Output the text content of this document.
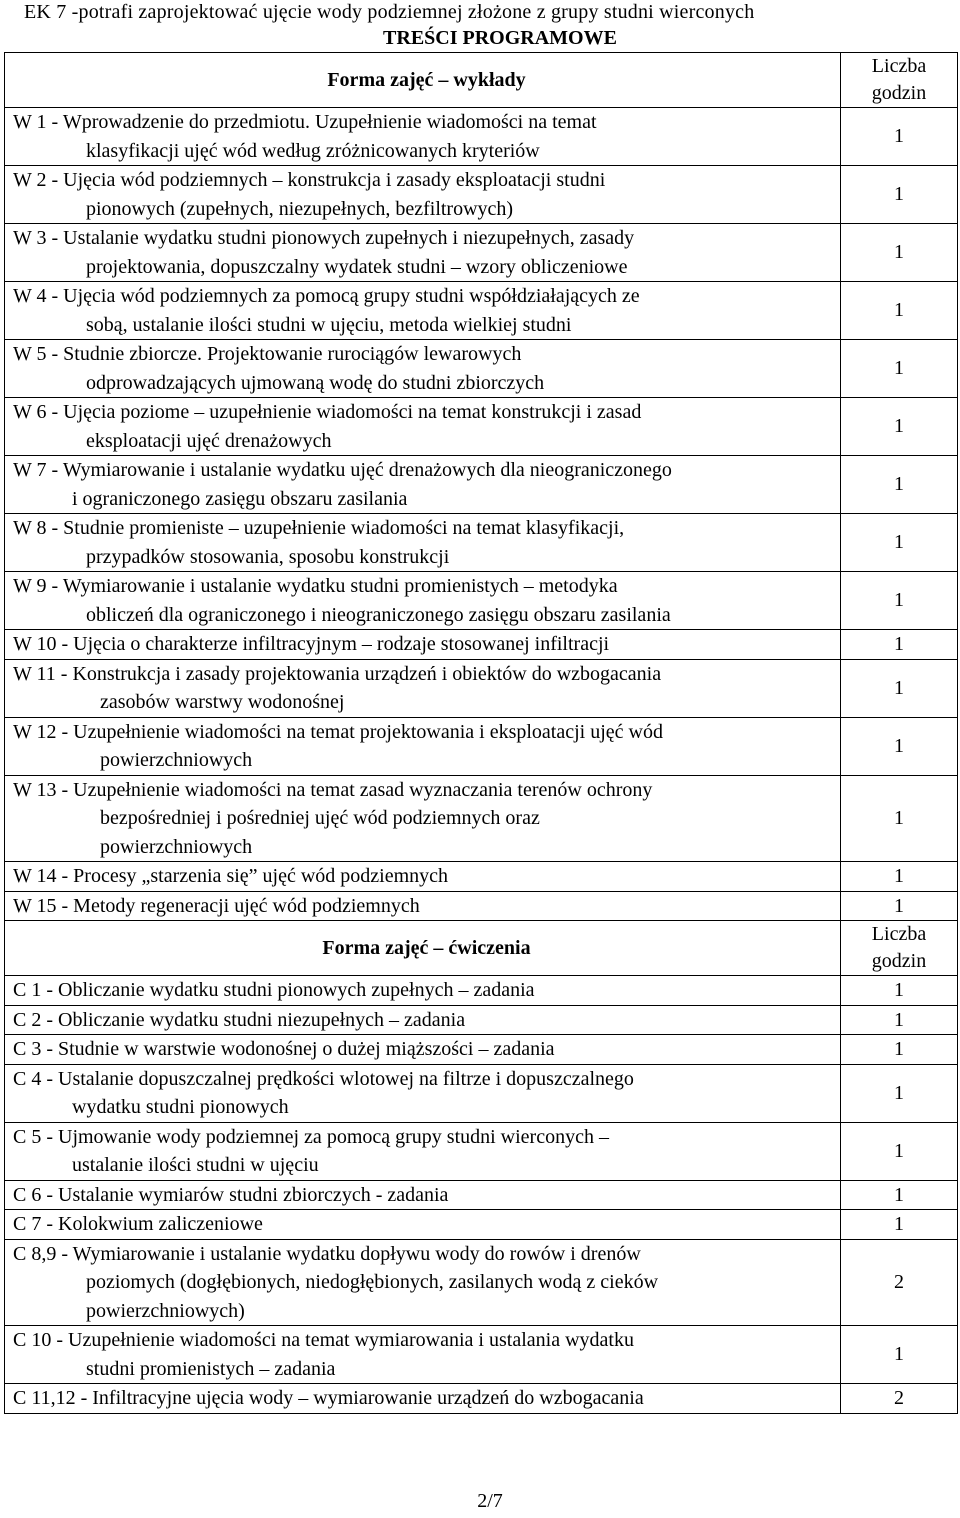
EK 7 -potrafi zaprojektować ujęcie wody podziemnej złożone z grupy studni wierconych
TREŚCI PROGRAMOWE
Forma zajęć – wykłady	Liczba
godzin

W 1 - Wprowadzenie do przedmiotu. Uzupełnienie wiadomości na temat
klasyfikacji ujęć wód według zróżnicowanych kryteriów	1

W 2 - Ujęcia wód podziemnych – konstrukcja i zasady eksploatacji studni
pionowych (zupełnych, niezupełnych, bezfiltrowych)	1

W 3 - Ustalanie wydatku studni pionowych zupełnych i niezupełnych, zasady
projektowania, dopuszczalny wydatek studni – wzory obliczeniowe	1

W 4 - Ujęcia wód podziemnych za pomocą grupy studni współdziałających ze
sobą, ustalanie ilości studni w ujęciu, metoda wielkiej studni	1

W 5 - Studnie zbiorcze. Projektowanie rurociągów lewarowych
odprowadzających ujmowaną wodę do studni zbiorczych	1

W 6 - Ujęcia poziome – uzupełnienie wiadomości na temat konstrukcji i zasad
eksploatacji ujęć drenażowych	1

W 7 - Wymiarowanie i ustalanie wydatku ujęć drenażowych dla nieograniczonego
i ograniczonego zasięgu obszaru zasilania	1

W 8 - Studnie promieniste – uzupełnienie wiadomości na temat klasyfikacji,
przypadków stosowania, sposobu konstrukcji	1

W 9 - Wymiarowanie i ustalanie wydatku studni promienistych – metodyka
obliczeń dla ograniczonego i nieograniczonego zasięgu obszaru zasilania	1

W 10 - Ujęcia o charakterze infiltracyjnym – rodzaje stosowanej infiltracji	1

W 11 - Konstrukcja i zasady projektowania urządzeń i obiektów do wzbogacania
zasobów warstwy wodonośnej	1

W 12 - Uzupełnienie wiadomości na temat projektowania i eksploatacji ujęć wód
powierzchniowych	1

W 13 - Uzupełnienie wiadomości na temat zasad wyznaczania terenów ochrony
bezpośredniej i pośredniej ujęć wód podziemnych oraz
powierzchniowych	1

W 14 - Procesy „starzenia się” ujęć wód podziemnych	1

W 15 - Metody regeneracji ujęć wód podziemnych	1
Forma zajęć – ćwiczenia	Liczba
godzin

C 1 - Obliczanie wydatku studni pionowych zupełnych – zadania	1

C 2 - Obliczanie wydatku studni niezupełnych – zadania	1

C 3 - Studnie w warstwie wodonośnej o dużej miąższości – zadania	1

C 4 - Ustalanie dopuszczalnej prędkości wlotowej na filtrze i dopuszczalnego
wydatku studni pionowych	1

C 5 - Ujmowanie wody podziemnej za pomocą grupy studni wierconych –
ustalanie ilości studni w ujęciu	1

C 6 - Ustalanie wymiarów studni zbiorczych - zadania	1

C 7 - Kolokwium zaliczeniowe	1

C 8,9 - Wymiarowanie i ustalanie wydatku dopływu wody do rowów i drenów
poziomych (dogłębionych, niedogłębionych, zasilanych wodą z cieków
powierzchniowych)	2

C 10 - Uzupełnienie wiadomości na temat wymiarowania i ustalania wydatku
studni promienistych – zadania	1

C 11,12 - Infiltracyjne ujęcia wody – wymiarowanie urządzeń do wzbogacania	2
2/7
